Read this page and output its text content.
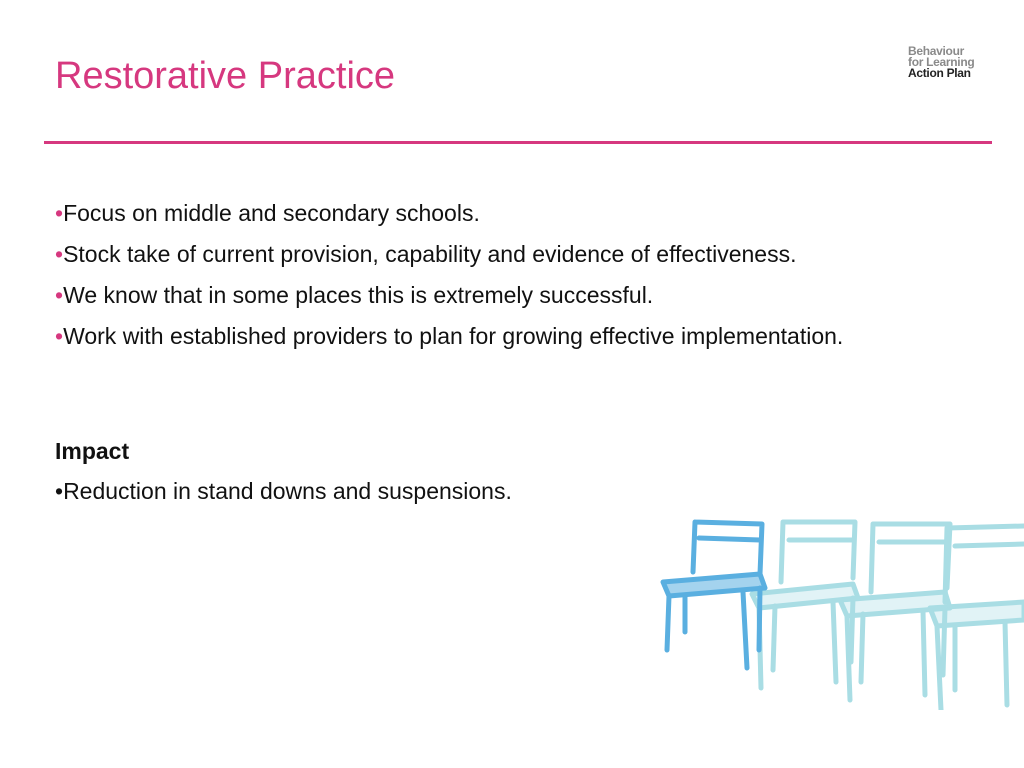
Restorative Practice
Behaviour
for Learning
Action Plan
•Focus on middle and secondary schools.
•Stock take of current provision, capability and evidence of effectiveness.
•We know that in some places this is extremely successful.
•Work with established providers to plan for growing effective implementation.
Impact
•Reduction in stand downs and suspensions.
